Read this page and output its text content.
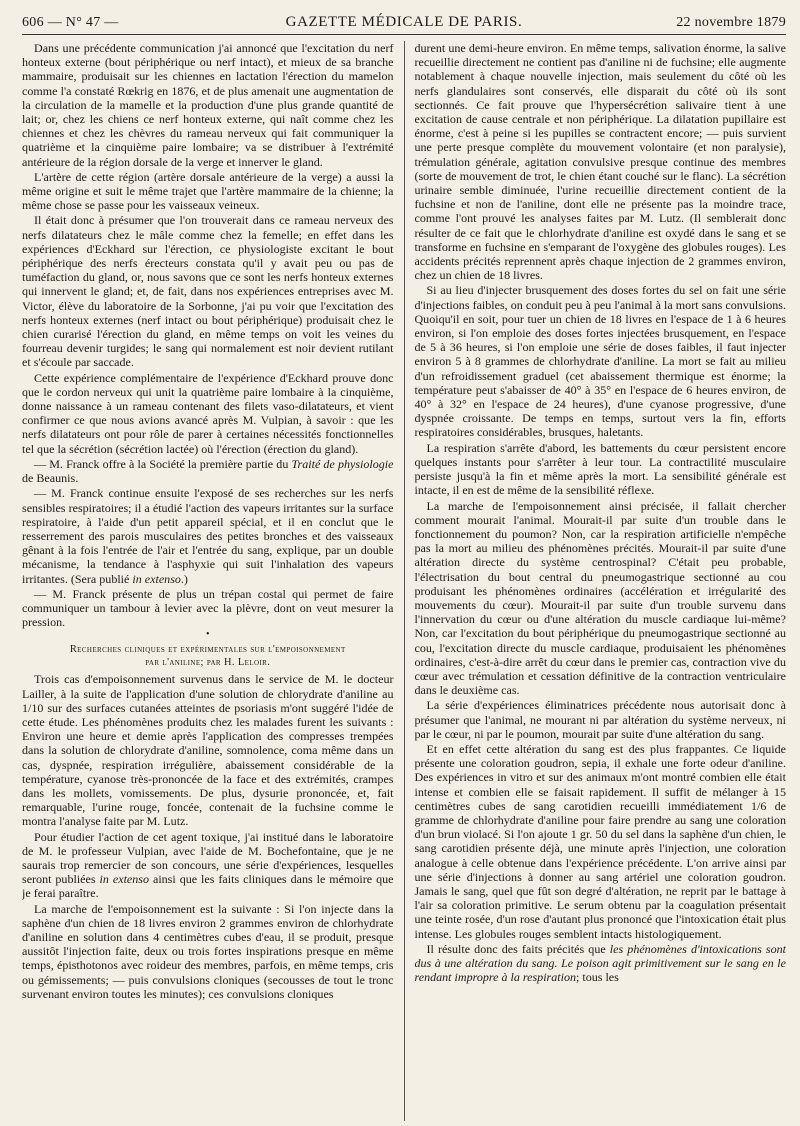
606 — N° 47 —	GAZETTE MÉDICALE DE PARIS.	22 novembre 1879

Dans une précédente communication j'ai annoncé que l'excitation du nerf honteux externe (bout périphérique ou nerf intact), et mieux de sa branche mammaire, produisait sur les chiennes en lactation l'érection du mamelon comme l'a constaté Rœkrig en 1876, et de plus amenait une augmentation de la circulation de la mamelle et la production d'une plus grande quantité de lait; or, chez les chiens ce nerf honteux externe, qui naît comme chez les chiennes et chez les chèvres du rameau nerveux qui fait communiquer la quatrième et la cinquième paire lombaire; va se distribuer à l'extrémité antérieure de la région dorsale de la verge et innerver le gland.

L'artère de cette région (artère dorsale antérieure de la verge) a aussi la même origine et suit le même trajet que l'artère mammaire de la chienne; la même chose se passe pour les vaisseaux veineux.

Il était donc à présumer que l'on trouverait dans ce rameau nerveux des nerfs dilatateurs chez le mâle comme chez la femelle; en effet dans les expériences d'Eckhard sur l'érection, ce physiologiste excitant le bout périphérique des nerfs érecteurs constata qu'il y avait peu ou pas de tuméfaction du gland, or, nous savons que ce sont les nerfs honteux externes qui innervent le gland; et, de fait, dans nos expériences entreprises avec M. Victor, élève du laboratoire de la Sorbonne, j'ai pu voir que l'excitation des nerfs honteux externes (nerf intact ou bout périphérique) produisait chez le chien curarisé l'érection du gland, en même temps on voit les veines du fourreau devenir turgides; le sang qui normalement est noir devient rutilant et s'écoule par saccade.

Cette expérience complémentaire de l'expérience d'Eckhard prouve donc que le cordon nerveux qui unit la quatrième paire lombaire à la cinquième, donne naissance à un rameau contenant des filets vaso-dilatateurs, et vient confirmer ce que nous avions avancé après M. Vulpian, à savoir : que les nerfs dilatateurs ont pour rôle de parer à certaines nécessités fonctionnelles tel que la sécrétion (sécrétion lactée) où l'érection (érection du gland).

— M. Franck offre à la Société la première partie du Traité de physiologie de Beaunis.

— M. Franck continue ensuite l'exposé de ses recherches sur les nerfs sensibles respiratoires; il a étudié l'action des vapeurs irritantes sur la surface respiratoire, à l'aide d'un petit appareil spécial, et il en conclut que le resserrement des parois musculaires des petites bronches et des vaisseaux gênant à la fois l'entrée de l'air et l'entrée du sang, explique, par un double mécanisme, la tendance à l'asphyxie qui suit l'inhalation des vapeurs irritantes. (Sera publié in extenso.)

— M. Franck présente de plus un trépan costal qui permet de faire communiquer un tambour à levier avec la plèvre, dont on veut mesurer la pression.

•
Recherches cliniques et expérimentales sur l'empoisonnement
par l'aniline; par H. Leloir.

Trois cas d'empoisonnement survenus dans le service de M. le docteur Lailler, à la suite de l'application d'une solution de chlorydrate d'aniline au 1/10 sur des surfaces cutanées atteintes de psoriasis m'ont suggéré l'idée de cette étude. Les phénomènes produits chez les malades furent les suivants : Environ une heure et demie après l'application des compresses trempées dans la solution de chlorydrate d'aniline, somnolence, coma même dans un cas, dyspnée, respiration irrégulière, abaissement considérable de la température, cyanose très-prononcée de la face et des extrémités, crampes dans les mollets, vomissements. De plus, dysurie prononcée, et, fait remarquable, l'urine rouge, foncée, contenait de la fuchsine comme le montra l'analyse faite par M. Lutz.

Pour étudier l'action de cet agent toxique, j'ai institué dans le laboratoire de M. le professeur Vulpian, avec l'aide de M. Bochefontaine, que je ne saurais trop remercier de son concours, une série d'expériences, lesquelles seront publiées in extenso ainsi que les faits cliniques dans le mémoire que je ferai paraître.

La marche de l'empoisonnement est la suivante : Si l'on injecte dans la saphène d'un chien de 18 livres environ 2 grammes environ de chlorhydrate d'aniline en solution dans 4 centimètres cubes d'eau, il se produit, presque aussitôt l'injection faite, deux ou trois fortes inspirations presque en même temps, épisthotonos avec roideur des membres, parfois, en même temps, cris ou gémissements; — puis convulsions cloniques (secousses de tout le tronc survenant environ toutes les minutes); ces convulsions cloniques

durent une demi-heure environ. En même temps, salivation énorme, la salive recueillie directement ne contient pas d'aniline ni de fuchsine; elle augmente notablement à chaque nouvelle injection, mais seulement du côté où les nerfs glandulaires sont conservés, elle disparait du côté où ils sont sectionnés. Ce fait prouve que l'hypersécrétion salivaire tient à une excitation de cause centrale et non périphérique. La dilatation pupillaire est énorme, c'est à peine si les pupilles se contractent encore; — puis survient une perte presque complète du mouvement volontaire (et non paralysie), trémulation générale, agitation convulsive presque continue des membres (sorte de mouvement de trot, le chien étant couché sur le flanc). La sécrétion urinaire semble diminuée, l'urine recueillie directement contient de la fuchsine et non de l'aniline, dont elle ne présente pas la moindre trace, comme l'ont prouvé les analyses faites par M. Lutz. (Il semblerait donc résulter de ce fait que le chlorhydrate d'aniline est oxydé dans le sang et se transforme en fuchsine en s'emparant de l'oxygène des globules rouges). Les accidents précités reprennent après chaque injection de 2 grammes environ, chez un chien de 18 livres.

Si au lieu d'injecter brusquement des doses fortes du sel on fait une série d'injections faibles, on conduit peu à peu l'animal à la mort sans convulsions. Quoiqu'il en soit, pour tuer un chien de 18 livres en l'espace de 1 à 6 heures environ, si l'on emploie des doses fortes injectées brusquement, en l'espace de 5 à 36 heures, si l'on emploie une série de doses faibles, il faut injecter environ 5 à 8 grammes de chlorhydrate d'aniline. La mort se fait au milieu d'un refroidissement graduel (cet abaissement thermique est énorme; la température peut s'abaisser de 40° à 35° en l'espace de 6 heures environ, de 40° à 32° en l'espace de 24 heures), d'une cyanose progressive, d'une dyspnée croissante. De temps en temps, surtout vers la fin, efforts respiratoires considérables, brusques, haletants.

La respiration s'arrête d'abord, les battements du cœur persistent encore quelques instants pour s'arrêter à leur tour. La contractilité musculaire persiste jusqu'à la fin et même après la mort. La sensibilité générale est intacte, il en est de même de la sensibilité réflexe.

La marche de l'empoisonnement ainsi précisée, il fallait chercher comment mourait l'animal. Mourait-il par suite d'un trouble dans le fonctionnement du poumon? Non, car la respiration artificielle n'empêche pas la mort au milieu des phénomènes précités. Mourait-il par suite d'une altération directe du système centrospinal? C'était peu probable, l'électrisation du bout central du pneumogastrique sectionné au cou produisant les phénomènes ordinaires (accélération et irrégularité des mouvements du cœur). Mourait-il par suite d'un trouble survenu dans l'innervation du cœur ou d'une altération du muscle cardiaque lui-même? Non, car l'excitation du bout périphérique du pneumogastrique sectionné au cou, l'excitation directe du muscle cardiaque, produisaient les phénomènes ordinaires, c'est-à-dire arrêt du cœur dans le premier cas, contraction vive du cœur avec trémulation et cessation définitive de la contraction ventriculaire dans le deuxième cas.

La série d'expériences éliminatrices précédente nous autorisait donc à présumer que l'animal, ne mourant ni par altération du système nerveux, ni par le cœur, ni par le poumon, mourait par suite d'une altération du sang.

Et en effet cette altération du sang est des plus frappantes. Ce liquide présente une coloration goudron, sepia, il exhale une forte odeur d'aniline. Des expériences in vitro et sur des animaux m'ont montré combien elle était intense et combien elle se faisait rapidement. Il suffit de mélanger à 15 centimètres cubes de sang carotidien recueilli immédiatement 1/6 de gramme de chlorhydrate d'aniline pour faire prendre au sang une coloration d'un brun violacé. Si l'on ajoute 1 gr. 50 du sel dans la saphène d'un chien, le sang carotidien présente déjà, une minute après l'injection, une coloration analogue à celle obtenue dans l'expérience précédente. L'on arrive ainsi par une série d'injections à donner au sang artériel une coloration goudron. Jamais le sang, quel que fût son degré d'altération, ne reprit par le battage à l'air sa coloration primitive. Le serum obtenu par la coagulation présentait une teinte rosée, d'un rose d'autant plus prononcé que l'intoxication était plus intense. Les globules rouges semblent intacts histologiquement.

Il résulte donc des faits précités que les phénomènes d'intoxications sont dus à une altération du sang. Le poison agit primitivement sur le sang en le rendant impropre à la respiration; tous les
